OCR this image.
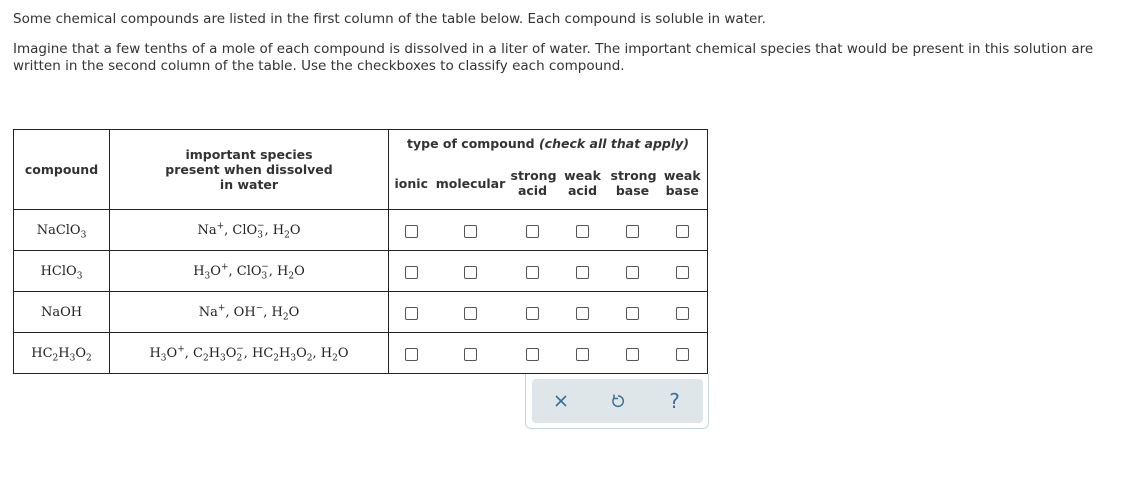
Some chemical compounds are listed in the first column of the table below. Each compound is soluble in water.

Imagine that a few tenths of a mole of each compound is dissolved in a liter of water. The important chemical species that would be present in this solution are written in the second column of the table. Use the checkboxes to classify each compound.

compound	important species present when dissolved in water	type of compound (check all that apply)					
		ionic	molecular	strong acid	weak acid	strong base	weak base

NaClO$_3$	Na+, ClO$_3$−, $H_2O$						
HClO$_3$	$H_3O^+$, ClO$_3$−, $H_2O$						
NaOH	Na+, OH−, $H_2O$						
$HC_2H_3O_2$	$H_3O^+$, $C_2H_3O_2^-$, $HC_2H_3O_2$, $H_2O$						
?
